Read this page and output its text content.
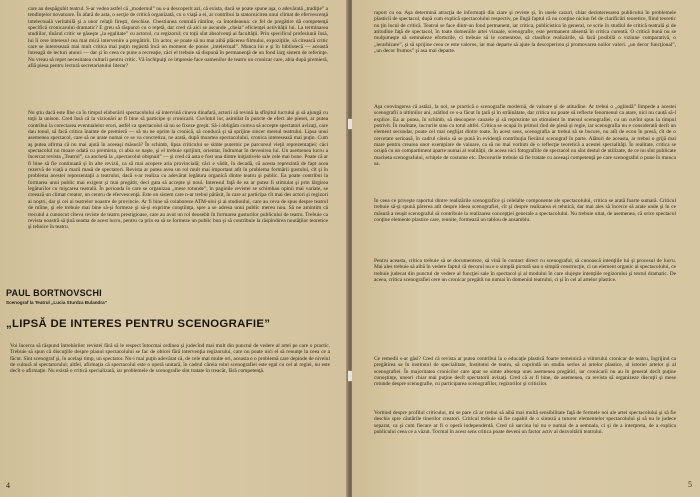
care au despăgubit teatrul. S-ar vedea astfel că „modernul” nu s-a descoperit azi, că exista, dacă se poate spune aşa, o adevărată „tradiţie” a tendinţelor novatoare. În afară de asta, o secţie de critică organizată, cu o viaţă a ei, ar contribui la statornicirea unui climat de efervescenţă intelectuală veritabilă şi a unor relaţii fireşti, deschise. Chestiunea centrală rămîne, ca întotdeauna: ce fel de pregătire dă competenţă specifică cronicarului dramatic? E greu să răspunzi cu o reţetă, dar cred că aici se ascunde „cheia” eficienţei activităţii lui. La terminarea studiilor, tînărul critic se găseşte „la egalitate” cu actorul, cu regizorul; cu toţii sînt absolvenţi ai facultăţii. Prin specificul profesiunii însă, lui îi cere interesul cea mai mică intervenire a pregătirii. Un actor, se poate să nu mai aibă plăcerea filmului, expoziţiile, să citească critic care se interesează mai mult critica mai puţin regăsită încă un moment de ponos „intelectual”. Munca lui e şi în bibliotecă — această întreagă de lecturi atunci — dar şi în ceea ce pune a recreaţie, căci el trebuie să dispună în permanenţă de un fond larg sistem de referinţe. Nu vreau să repet necesitatea culturii pentru critic. Vă închipuiţi ce impresie face oamenilor de teatru un cronicar care, abia după premieră, află piesa pentru lectură secretariatului literar?
Nu ştiu dacă este lîne ca în timpul elaborării spectacolului să intervină cineva dinafară, actorii să revină la sfîrşitul lucrului şi să ajungă cu toţii la unison. Cred însă că la vizionări ar fi bine să participe şi cronicarii. Cuvîntul lor, asimilat în puncte de efect ale piesei, ar putea contribui la corectarea eventualelor erori, astfel ca spectacolul să nu se fixeze greşit. Să-i obligăm cumva să accepte spectatori avizaţi, care dau tonul, să facă critica înainte de premieră — să nu ne oprim la cronică, să conducă şi să sprijine sincer mersul teatrului. Lipsa unui asemenea spectacol, care să ne arate numai ce se va concretiza, ne arată, după moartea spectacolului, cronica interesează mai puţin. Cum aş putea afirma că nu mai ajută în aceeaşi măsură? În schimb, lipsa criticului se simte puternic pe parcursul vieţii reprezentaţiei; căci spectacolul nu moare odată cu premiera, ci abia se naşte, şi el trebuie sprijinit, orientat, îndrumat în devenirea lui. Un asemenea lucru a încercat revista „Teatrul”, ca anchetă la „spectacolul obişnuit” — şi cred că asta e fost una dintre iniţiativele sale cele mai bune. Poate că ar fi bine să fie continuată şi în alte revizii, ca să mai acopere aria provincială; căci e vădit, în decadă, că acesta reprezintă de fapt acea rezervă de viaţă a marii masă de spectatori. Revista ar putea avea un rol mult mai important atît în problema formării gustului, cît şi în problema acestei reprezentaţii a teatrului, dacă s-ar realiza cu adevărat legătura organică dintre teatru şi public. Ea poate contribui la formarea unui public mai exigent şi mai pregătit, deci gata să accepte şi noul. Interesul faţă de ea ar putea fi stimulat şi prin lărgirea legăturilor cu mişcarea teatrală. În perioada în care se organizau „mese rotunde”, în paginile revistei se schimbau opinii mai variate, se creează un climat creator, un centru de efervescenţă. Este un sistem care n-ar trebui părăsit, în care ar participa cît mai des actori şi regizori ai noştri, dar şi cei ai teatrelor noastre de provincie. Ar fi bine să colaboreze ATM-ului şi ai studioului, care au ceva de spus despre teatrul de mîine, şi ele trebuie mai bine să-şi formeze şi să-şi exprime conştiinţa, spre a se adresa unui public mereu nou. Să ne amintim că trecutul a cunoscut cîteva reviste de teatru prestigioase, care au avut un rol deosebit în formarea gusturilor publicului de teatru. Trebuie ca revista noastră să ţină seama de acest lucru, pentru ca prin ea să se formeze un public bun şi să contribuie la răspîndirea noutăţilor teoretice şi tehnice în teatru.
PAUL BORTNOVSCHI
Scenograf la Teatrul „Lucia Sturdza Bulandra”
„LIPSĂ DE INTERES PENTRU SCENOGRAFIE”
Voi încerca să răspund întrebărilor revistei fără să le respect întocmai ordinea şi judecînd mai mult din punctul de vedere al artei pe care o practic. Trebuie să spun că discuţiile despre planul spectacolului se fac de obicei fără intervenţia regizorului, care nu poate nici el să renunţe la ceea ce a făcut. Sînt scenograf şi, în acelaşi timp, un spectator. Nu-i mai puţin adevărat că, de cele mai multe ori, aceasta e o problemă care depinde de nivelul de cultură al spectatorului; altfel, afirmaţia că spectacolul este o operă unitară, în cadrul căreia rolul scenografiei este egal cu cel al regiei, nu este decît o afirmaţie. Nu există o critică specializată, iar problemele de scenografie sînt tratate în treacăt, fără competenţă.
4
raport cu ea. Aşa determină atracţia de informaţii din ziare şi reviste şi, în unele cazuri, chiar dezinteresarea publicului în problemele plasticii de spectacol, după cum explică spectacolului respectiv, pe lîngă faptul că nu conţine niciun fel de clarificări teoretice, fiind teoretic nu ţin locul de critică. Teatrul se face dintr-un fond permanent, iar critica, publicistica în general, ce scrie în studiul de critică teatrală şi de atitudine faţă de spectacol, în toate domeniile artei vizuale, scenografie, este permanent absentă în critica curentă. O critică bună nu se mulţumeşte să semnaleze eforturile, ci trebuie să le comenteze, să clasifice realizările, să facă posibilă o viziune comparativă, o „ierarhizare”, şi să sprijine ceea ce este valoros, iar mai departe să ajute la descoperirea şi promovarea noilor valori. „un decor funcţional”, „un decor frumos” şi asa mai departe.
Aşa convingerea că astăzi, la noi, se practică o scenografie modernă, de valoare şi de atitudine. Ar trebui o „oglindă” limpede a acestei scenografii a ultimilor ani, arătînd ce s-a făcut în ţară şi în străinătate, dar critica nu poate să reflecte fenomenul ca atare, nici nu caută să-l explice. Ea ar putea, în schimb, să descopere cauzele şi să reprezinte un stimulent în mersul scenografiei, cu un cuvînt spus la timpul potrivit. În realitate, lucrurile stau cu totul altfel. Critica se ocupă în primul rînd de piesă şi regie, iar scenografia nu e considerată decît un element secundar, poate cel mai neglijat dintre toate. În acest sens, scenografia ar trebui să se bucure, nu atît de ecou în presă, cît de o cercetare serioasă, în cadrul căreia să se pună în evidenţă contribuţia fiecărui scenograf în parte. Alături de aceasta, ar trebui o grijă mai mare pentru crearea unor exemplare de valoare, ca să nu mai vorbim de o reflecţie teoretică a acestei specialităţi. În realitate, critica se ocupă cu un compartiment aparte numai al realităţii, de aceea nici fotografiile de spectacol nu sînt destul de utilizate, de ce nu sînt publicate macheta scenografului, schiţele de costume etc. Decorurile trebuie să fie tratate cu aceeaşi competenţă pe care scenograful o pune în munca sa.
În ceea ce priveşte raportul dintre realizările scenografice şi celelalte componente ale spectacolului, critica se arată foarte sumară. Criticul trebuie să-şi spună părerea atît despre ideea scenografiei, cît şi despre realizarea ei tehnică, dar mai ales să încerce să arate unde şi în ce măsură a reuşit scenograful să contribuie la realizarea concepţiei generale a spectacolului. Nu trebuie uitat, de asemenea, că orice spectacol conţine elemente plastice care, reunite, formează un tablou de ansamblu.
Pentru aceasta, critica trebuie să se documenteze, să vină în contact direct cu scenograful, să cunoască intenţiile lui şi procesul de lucru. Mai ales trebuie să aibă în vedere faptul că decorul nu e o simplă pictură sau o simplă construcţie, ci un element organic al spectacolului, ce trebuie judecat din punctul de vedere al funcţiei sale în spectacol şi al modului în care slujeşte intenţiile regizorului şi textul dramatic. De aceea, critica scenografiei cere un cronicar pregătit nu numai în domeniul teatrului, ci şi în cel al artelor plastice.
Ce remedii s-ar găsi? Cred că revista ar putea contribui la o educaţie plastică foarte temeinică a viitorului cronicar de teatru, îngrijind ca pregătirea sa în institutul de specialitate, Institutul de teatru, să cuprindă un studiu serios al artelor plastice, al istoriei artelor şi al scenografiei. În majoritatea cronicilor care apar se simte absenţa unei asemenea pregătiri, iar cronicarii nu au în general decît puţine cunoştinţe, uneori chiar mai puţine decît spectatorii avizaţi. Cred că ar fi bine, de asemenea, ca revista să organizeze discuţii şi mese rotunde despre scenografie, cu participarea scenografilor, regizorilor şi criticilor.
Vorbind despre profilul criticului, mi se pare că ar trebui să aibă mai multă sensibilitate faţă de formele noi ale artei spectacolului şi să fie deschis spre căutările tinerilor creatori. Criticul trebuie să fie capabil de o sinteză a tuturor elementelor spectacolului şi să nu le judece separat, ca şi cum fiecare ar fi o operă independentă. Cred că sarcina lui nu e numai de a semnala, ci şi de a interpreta, de a explica publicului ceea ce a văzut. Tocmai în acest sens critica poate deveni un factor activ al dezvoltării teatrului.
5
